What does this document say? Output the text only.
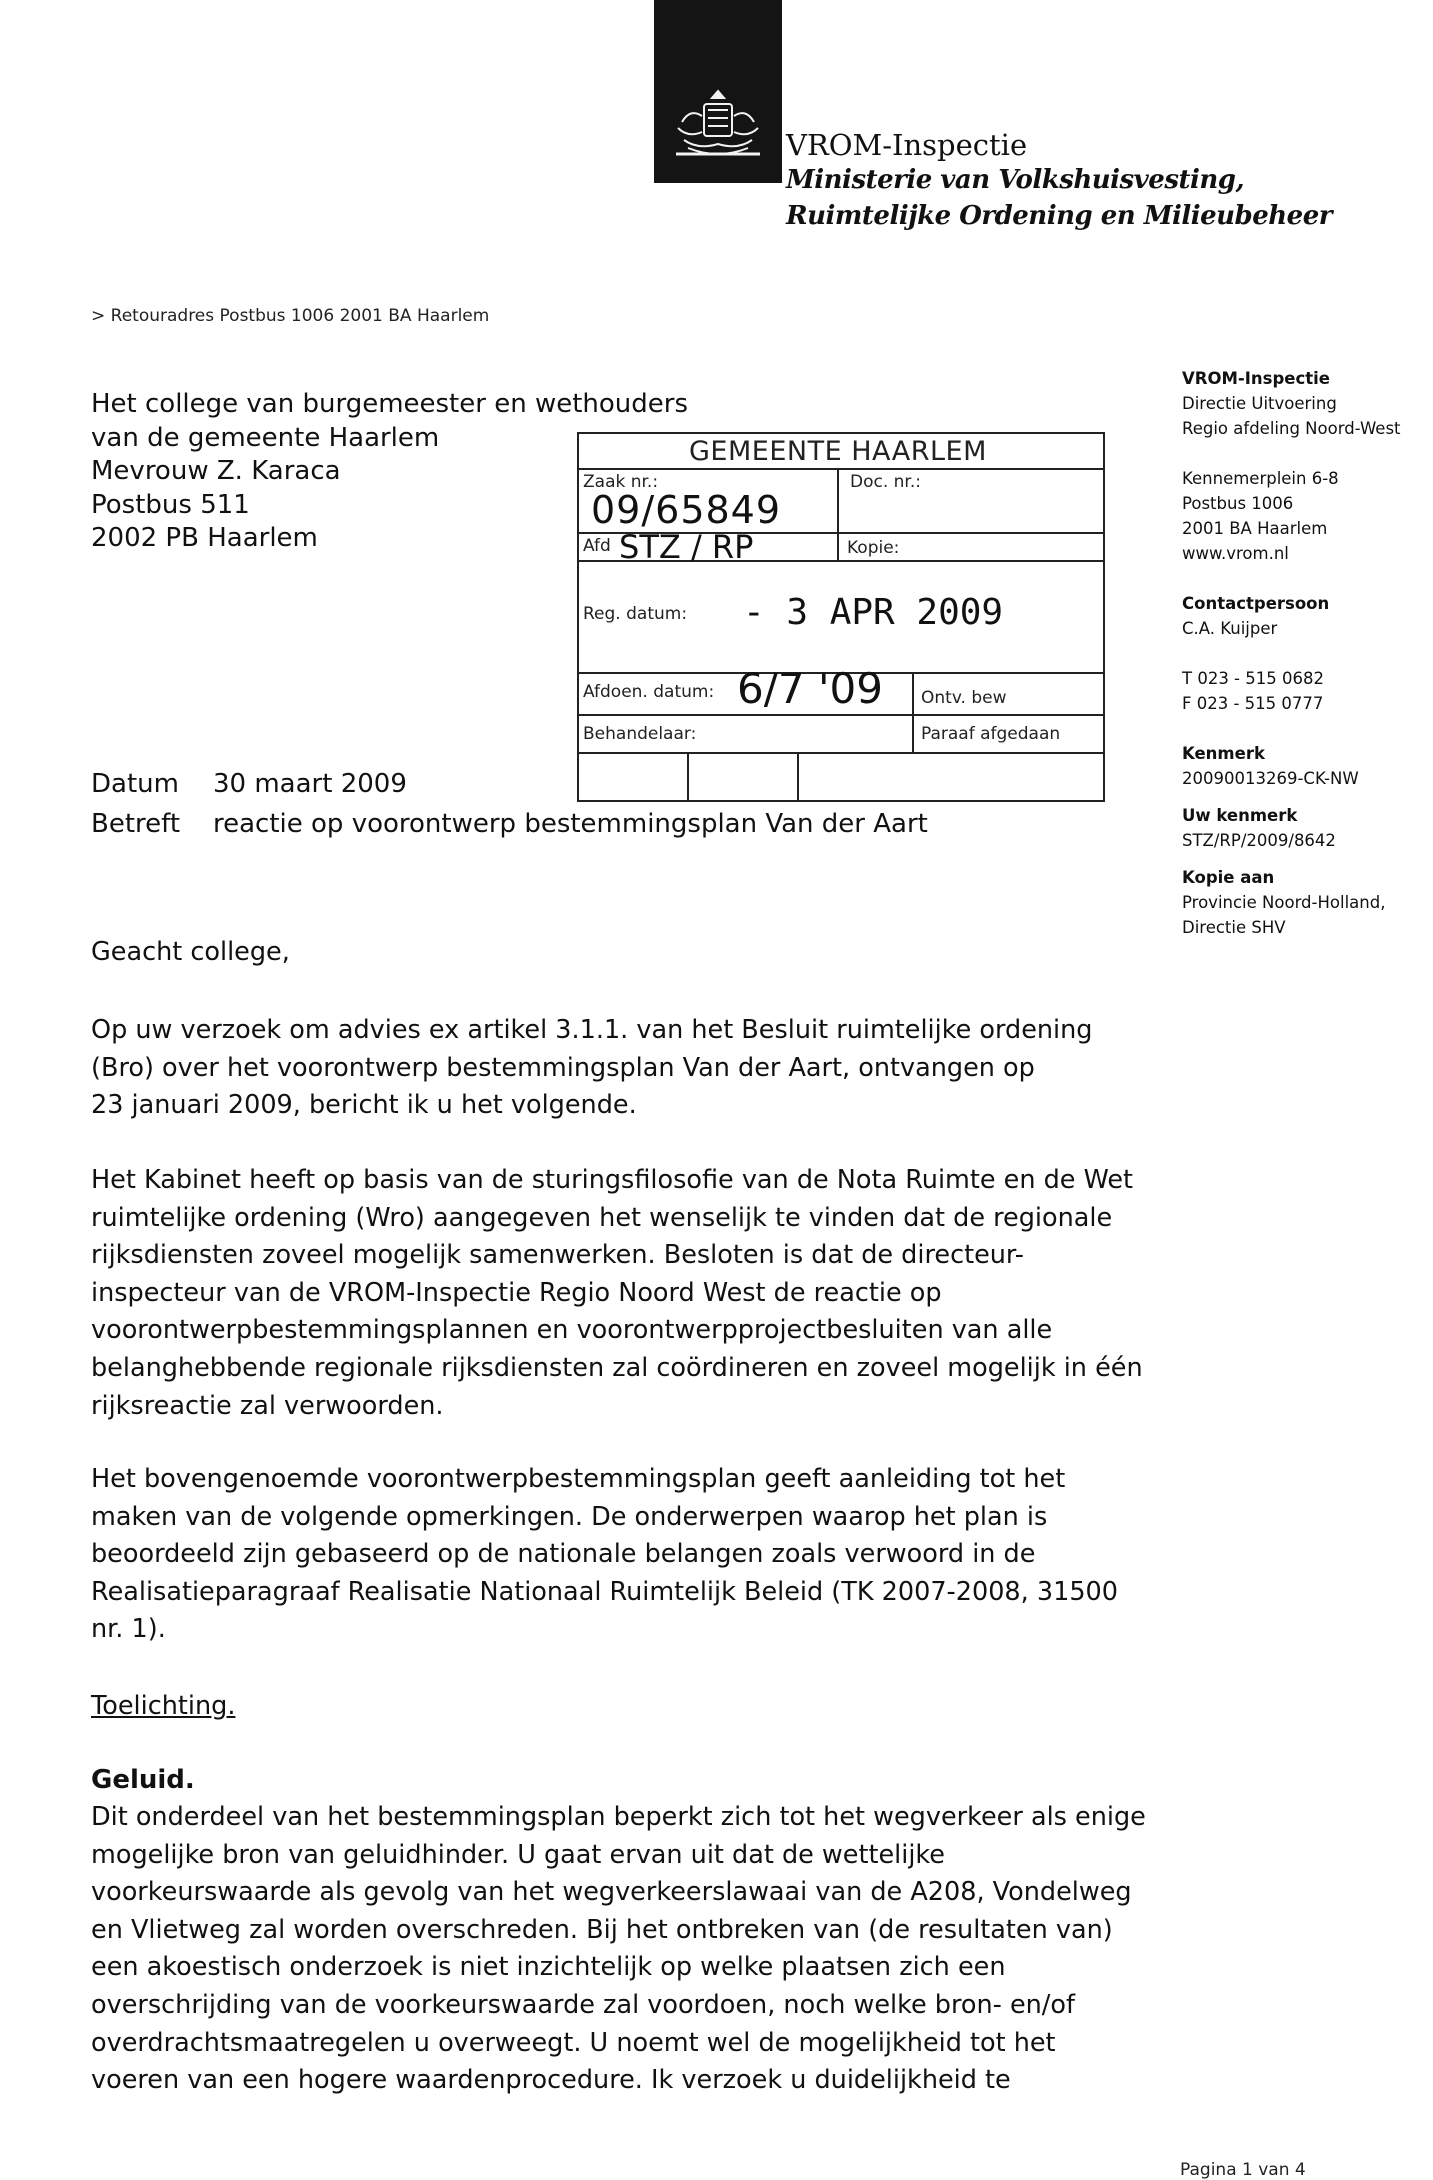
VROM-Inspectie
Ministerie van Volkshuisvesting,
Ruimtelijke Ordening en Milieubeheer
> Retouradres Postbus 1006 2001 BA Haarlem
Het college van burgemeester en wethouders
van de gemeente Haarlem
Mevrouw Z. Karaca
Postbus 511
2002 PB Haarlem
VROM-Inspectie
Directie Uitvoering
Regio afdeling Noord-West
Kennemerplein 6-8
Postbus 1006
2001 BA Haarlem
www.vrom.nl
Contactpersoon
C.A. Kuijper
T 023 - 515 0682
F 023 - 515 0777
Kenmerk
20090013269-CK-NW
Uw kenmerk
STZ/RP/2009/8642
Kopie aan
Provincie Noord-Holland,
Directie SHV
GEMEENTE HAARLEM
Zaak nr.:
09/65849
Doc. nr.:
Afd STZ / RP	Kopie:
Reg. datum: - 3 APR 2009
Afdoen. datum: 6/7 '09 Ontv. bew
Behandelaar:	Paraaf afgedaan
Datum 30 maart 2009
Betreft reactie op voorontwerp bestemmingsplan Van der Aart
Geacht college,
Op uw verzoek om advies ex artikel 3.1.1. van het Besluit ruimtelijke ordening
(Bro) over het voorontwerp bestemmingsplan Van der Aart, ontvangen op
23 januari 2009, bericht ik u het volgende.
Het Kabinet heeft op basis van de sturingsfilosofie van de Nota Ruimte en de Wet
ruimtelijke ordening (Wro) aangegeven het wenselijk te vinden dat de regionale
rijksdiensten zoveel mogelijk samenwerken. Besloten is dat de directeur-
inspecteur van de VROM-Inspectie Regio Noord West de reactie op
voorontwerpbestemmingsplannen en voorontwerpprojectbesluiten van alle
belanghebbende regionale rijksdiensten zal coördineren en zoveel mogelijk in één
rijksreactie zal verwoorden.
Het bovengenoemde voorontwerpbestemmingsplan geeft aanleiding tot het
maken van de volgende opmerkingen. De onderwerpen waarop het plan is
beoordeeld zijn gebaseerd op de nationale belangen zoals verwoord in de
Realisatieparagraaf Realisatie Nationaal Ruimtelijk Beleid (TK 2007-2008, 31500
nr. 1).
Toelichting.
Geluid.
Dit onderdeel van het bestemmingsplan beperkt zich tot het wegverkeer als enige
mogelijke bron van geluidhinder. U gaat ervan uit dat de wettelijke
voorkeurswaarde als gevolg van het wegverkeerslawaai van de A208, Vondelweg
en Vlietweg zal worden overschreden. Bij het ontbreken van (de resultaten van)
een akoestisch onderzoek is niet inzichtelijk op welke plaatsen zich een
overschrijding van de voorkeurswaarde zal voordoen, noch welke bron- en/of
overdrachtsmaatregelen u overweegt. U noemt wel de mogelijkheid tot het
voeren van een hogere waardenprocedure. Ik verzoek u duidelijkheid te
Pagina 1 van 4
